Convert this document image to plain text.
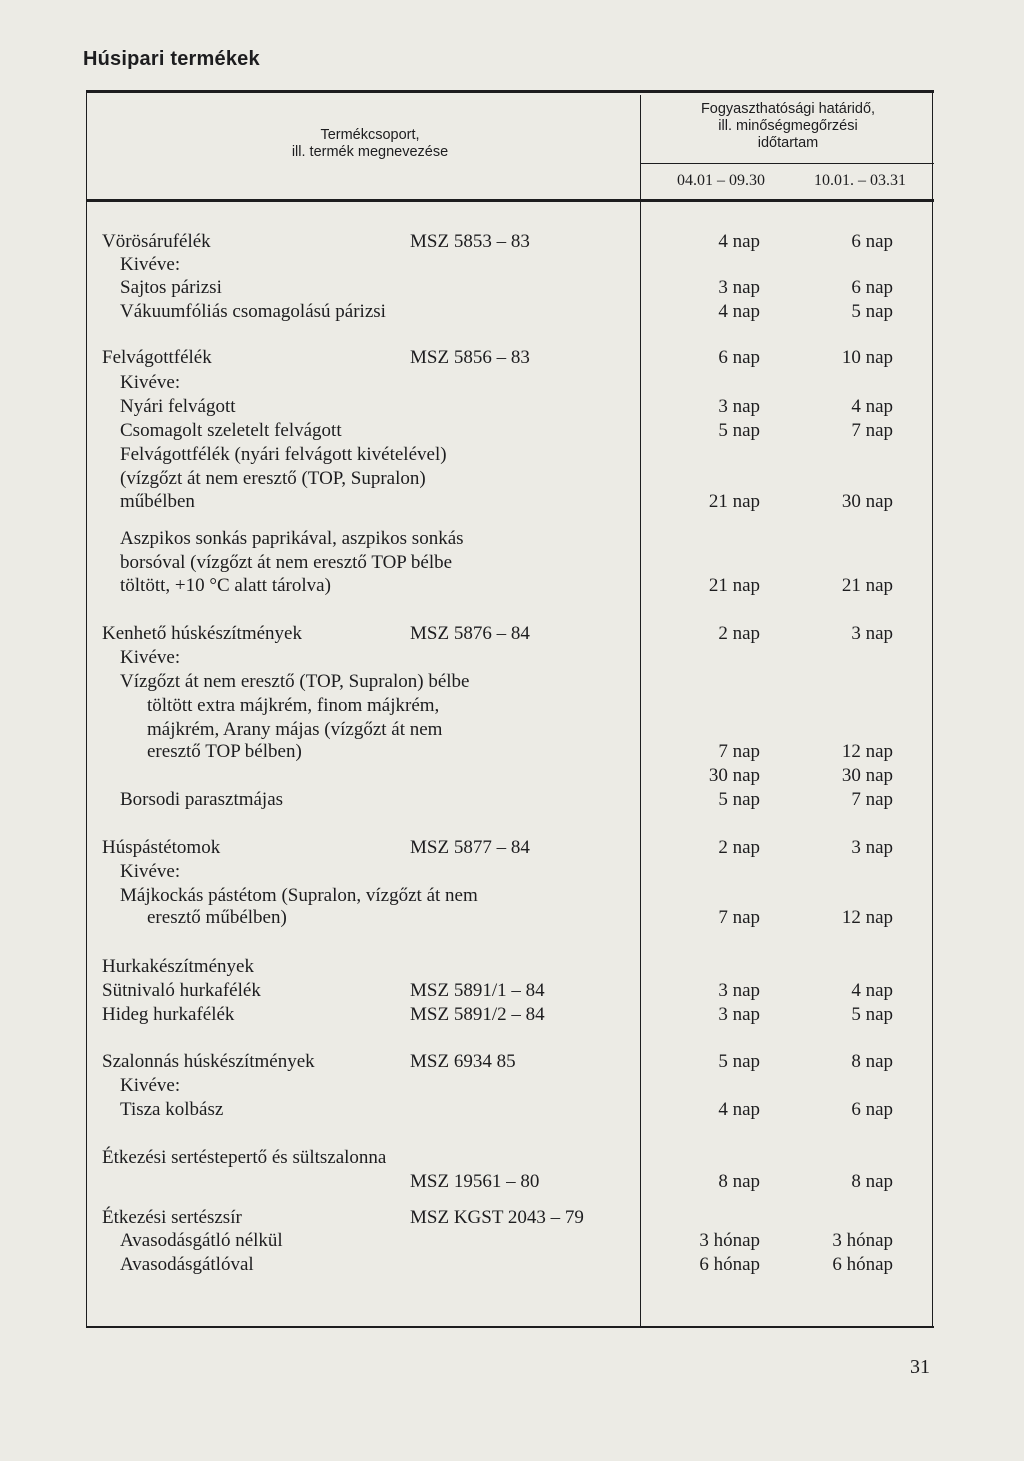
Húsipari termékek
Termékcsoport,
ill. termék megnevezése
Fogyaszthatósági határidő,
ill. minőségmegőrzési
időtartam
04.01 – 09.30	10.01. – 03.31
Vörösárufélék	MSZ 5853 – 83	4 nap	6 nap
Kivéve:
Sajtos párizsi	3 nap	6 nap
Vákuumfóliás csomagolású párizsi	4 nap	5 nap
Felvágottfélék	MSZ 5856 – 83	6 nap	10 nap
Kivéve:
Nyári felvágott	3 nap	4 nap
Csomagolt szeletelt felvágott	5 nap	7 nap
Felvágottfélék (nyári felvágott kivételével)
(vízgőzt át nem eresztő (TOP, Supralon)
műbélben	21 nap	30 nap
Aszpikos sonkás paprikával, aszpikos sonkás
borsóval (vízgőzt át nem eresztő TOP bélbe
töltött, +10 °C alatt tárolva)	21 nap	21 nap
Kenhető húskészítmények	MSZ 5876 – 84	2 nap	3 nap
Kivéve:
Vízgőzt át nem eresztő (TOP, Supralon) bélbe
töltött extra májkrém, finom májkrém,
májkrém, Arany májas (vízgőzt át nem
eresztő TOP bélben)	7 nap	12 nap
30 nap	30 nap
Borsodi parasztmájas	5 nap	7 nap
Húspástétomok	MSZ 5877 – 84	2 nap	3 nap
Kivéve:
Májkockás pástétom (Supralon, vízgőzt át nem
eresztő műbélben)	7 nap	12 nap
Hurkakészítmények
Sütnivaló hurkafélék	MSZ 5891/1 – 84	3 nap	4 nap
Hideg hurkafélék	MSZ 5891/2 – 84	3 nap	5 nap
Szalonnás húskészítmények	MSZ 6934 85	5 nap	8 nap
Kivéve:
Tisza kolbász	4 nap	6 nap
Étkezési sertéstepertő és sültszalonna
MSZ 19561 – 80	8 nap	8 nap
Étkezési sertészsír	MSZ KGST 2043 – 79
Avasodásgátló nélkül	3 hónap	3 hónap
Avasodásgátlóval	6 hónap	6 hónap
31
